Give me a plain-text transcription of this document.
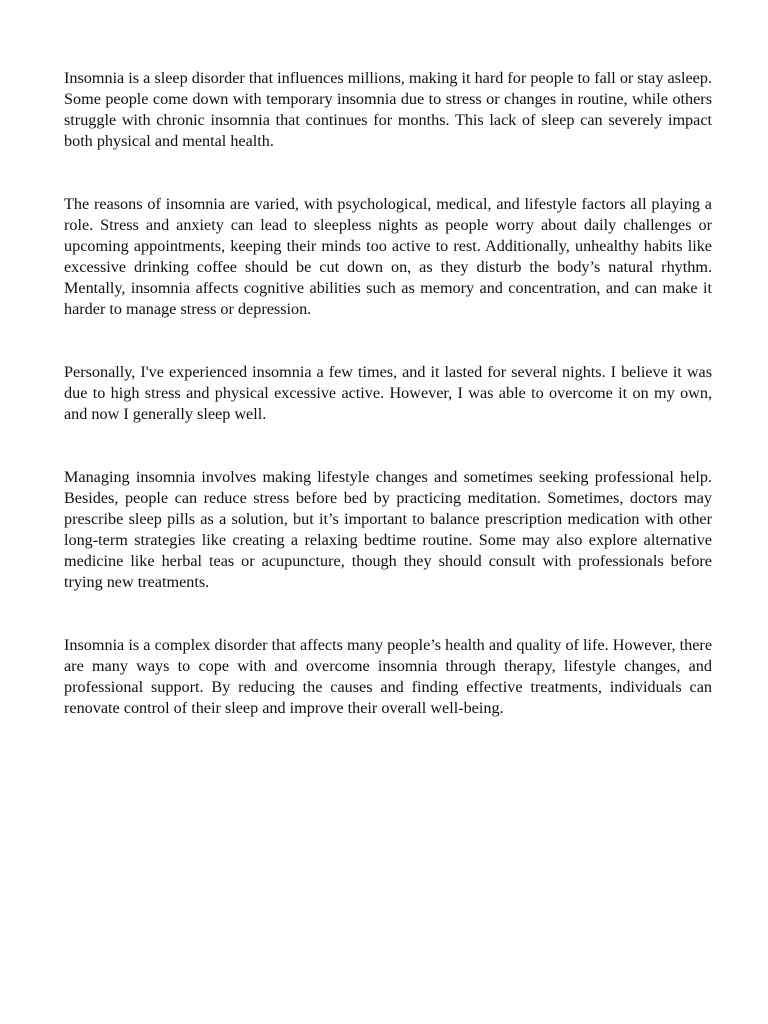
Insomnia is a sleep disorder that influences millions, making it hard for people to fall or stay asleep. Some people come down with temporary insomnia due to stress or changes in routine, while others struggle with chronic insomnia that continues for months. This lack of sleep can severely impact both physical and mental health.

The reasons of insomnia are varied, with psychological, medical, and lifestyle factors all playing a role. Stress and anxiety can lead to sleepless nights as people worry about daily challenges or upcoming appointments, keeping their minds too active to rest. Additionally, unhealthy habits like excessive drinking coffee should be cut down on, as they disturb the body’s natural rhythm.  Mentally, insomnia affects cognitive abilities such as memory and concentration, and can make it harder to manage stress or depression.

Personally, I've experienced insomnia a few times, and it lasted for several nights. I believe it was due to high stress and physical excessive active. However, I was able to overcome it on my own, and now I generally sleep well.

Managing insomnia involves making lifestyle changes and sometimes seeking professional help.  Besides, people can reduce stress before bed by practicing meditation. Sometimes, doctors may prescribe sleep pills as a solution, but it’s important to balance prescription medication with other long-term strategies like creating a relaxing bedtime routine. Some may also explore alternative medicine like herbal teas or acupuncture, though they should consult with professionals before trying new treatments.

Insomnia is a complex disorder that affects many people’s health and quality of life. However, there are many ways to cope with and overcome insomnia through therapy, lifestyle changes, and professional support. By reducing the causes and finding effective treatments, individuals can renovate control of their sleep and improve their overall well-being.
